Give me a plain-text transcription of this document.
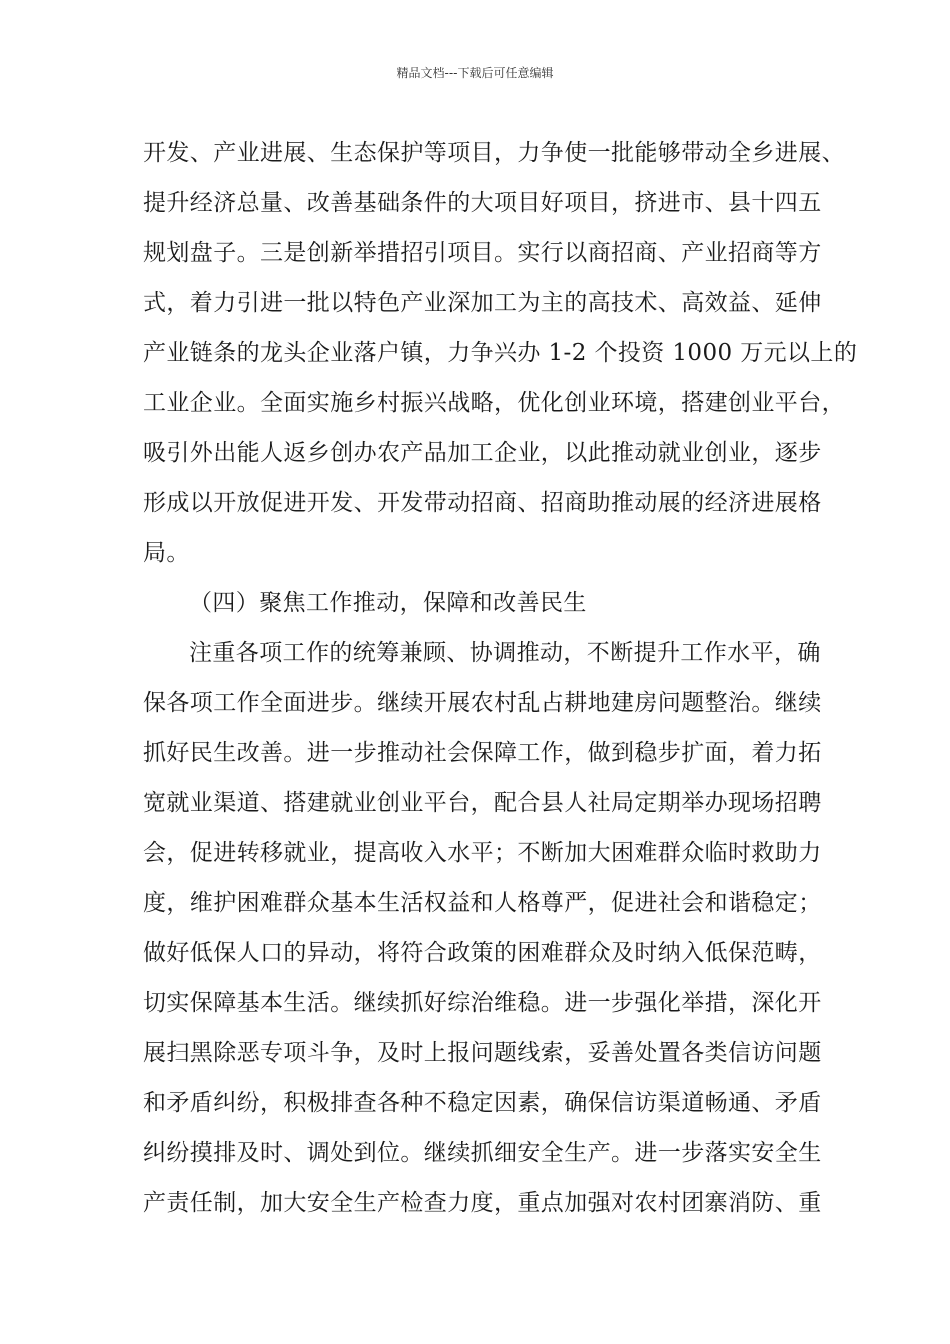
精品文档---下载后可任意编辑
开发、产业进展、生态保护等项目，力争使一批能够带动全乡进展、
提升经济总量、改善基础条件的大项目好项目，挤进市、县十四五
规划盘子。三是创新举措招引项目。实行以商招商、产业招商等方
式，着力引进一批以特色产业深加工为主的高技术、高效益、延伸
产业链条的龙头企业落户镇，力争兴办 1-2 个投资 1000 万元以上的
工业企业。全面实施乡村振兴战略，优化创业环境，搭建创业平台，
吸引外出能人返乡创办农产品加工企业，以此推动就业创业，逐步
形成以开放促进开发、开发带动招商、招商助推动展的经济进展格
局。
（四）聚焦工作推动，保障和改善民生
注重各项工作的统筹兼顾、协调推动，不断提升工作水平，确
保各项工作全面进步。继续开展农村乱占耕地建房问题整治。继续
抓好民生改善。进一步推动社会保障工作，做到稳步扩面，着力拓
宽就业渠道、搭建就业创业平台，配合县人社局定期举办现场招聘
会，促进转移就业，提高收入水平；不断加大困难群众临时救助力
度，维护困难群众基本生活权益和人格尊严，促进社会和谐稳定；
做好低保人口的异动，将符合政策的困难群众及时纳入低保范畴，
切实保障基本生活。继续抓好综治维稳。进一步强化举措，深化开
展扫黑除恶专项斗争，及时上报问题线索，妥善处置各类信访问题
和矛盾纠纷，积极排查各种不稳定因素，确保信访渠道畅通、矛盾
纠纷摸排及时、调处到位。继续抓细安全生产。进一步落实安全生
产责任制，加大安全生产检查力度，重点加强对农村团寨消防、重
